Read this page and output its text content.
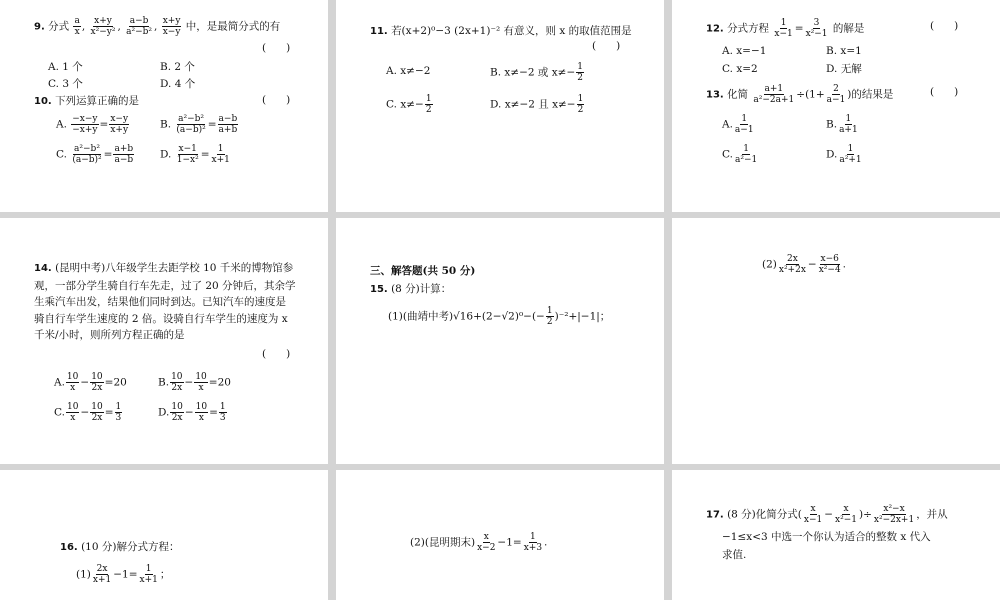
9. 分式 $\frac{a}{x}$ , $\frac{x+y}{\text{x²−y²}}$ , $\frac{a-b}{\text{a²−b²}}$ , $\frac{x+y}{x-y}$ 中，是最简分式的有
(      )
A. 1 个	B. 2 个
C. 3 个	D. 4 个
10. 下列运算正确的是	(      )
A. $\frac{-x-y}{-x+y} = \frac{x-y}{x+y}$	B. $\frac{\text{a²−b²}}{\text{(a−b)²}} = \frac{a-b}{a+b}$
C. $\frac{\text{a²−b²}}{\text{(a−b)²}} = \frac{a+b}{a-b} D$. $\frac{x-1}{\text{1−x²}} = \frac{1}{x+1}$
11. 若(x+2)⁰−3 (2x+1)⁻² 有意义，则 x 的取值范围是
(      )
A. x≠−2	B. x≠−2 或 $x\ne- \frac{1}{2}$
C. $x\ne- \frac{1}{2}$	D. x≠−2 且 $x\ne- \frac{1}{2}$
12. 分式方程 $\frac{1}{x-1} = \frac{3}{\text{x²−1}}$ 的解是	(      )
A. x=−1	B. x=1
C. x=2	D. 无解
13. 化简 $\frac{a+1}{\text{a²−2a+1}} \div(1+ \frac{2}{a-1}$ )的结果是	(      )
A. $\frac{1}{a-1}$	B. $\frac{1}{a+1}$
C. $\frac{1}{\text{a²−1}}$	D. $\frac{1}{\text{a²+1}}$
14. (昆明中考)八年级学生去距学校 10 千米的博物馆参观，一部分学生骑自行车先走，过了 20 分钟后，其余学生乘汽车出发，结果他们同时到达。已知汽车的速度是骑自行车学生速度的 2 倍。设骑自行车学生的速度为 x 千米/小时，则所列方程正确的是
(      )
A. $\frac{10}{x} - \frac{10}{2x} =20$	B. $\frac{10}{2x} - \frac{10}{x} =20$
C. $\frac{10}{x} - \frac{10}{2x} = \frac{1}{3}$	D. $\frac{10}{2x} - \frac{10}{x} = \frac{1}{3}$
三、解答题(共 50 分)
15. (8 分)计算：
(1)(曲靖中考)$√16+(2-√2)^0-(- \frac{1}{2} )^{-2}+|-1|$；
$(2) \frac{2x}{\text{x²+2x}} - \frac{x-6}{\text{x²−4}}$ .
16. (10 分)解分式方程：
$(1) \frac{2x}{x+1} -1= \frac{1}{x+1}$ ；
(2)(昆明期末) $\frac{x}{x-2} -1= \frac{1}{x+3}$ .
17. (8 分)化简分式( $\frac{x}{x-1} - \frac{x}{\text{x²−1}}$ )÷ $\frac{\text{x²−x}}{\text{x²−2x+1}}$ ，并从
−1≤x<3 中选一个你认为适合的整数 x 代入
求值.
